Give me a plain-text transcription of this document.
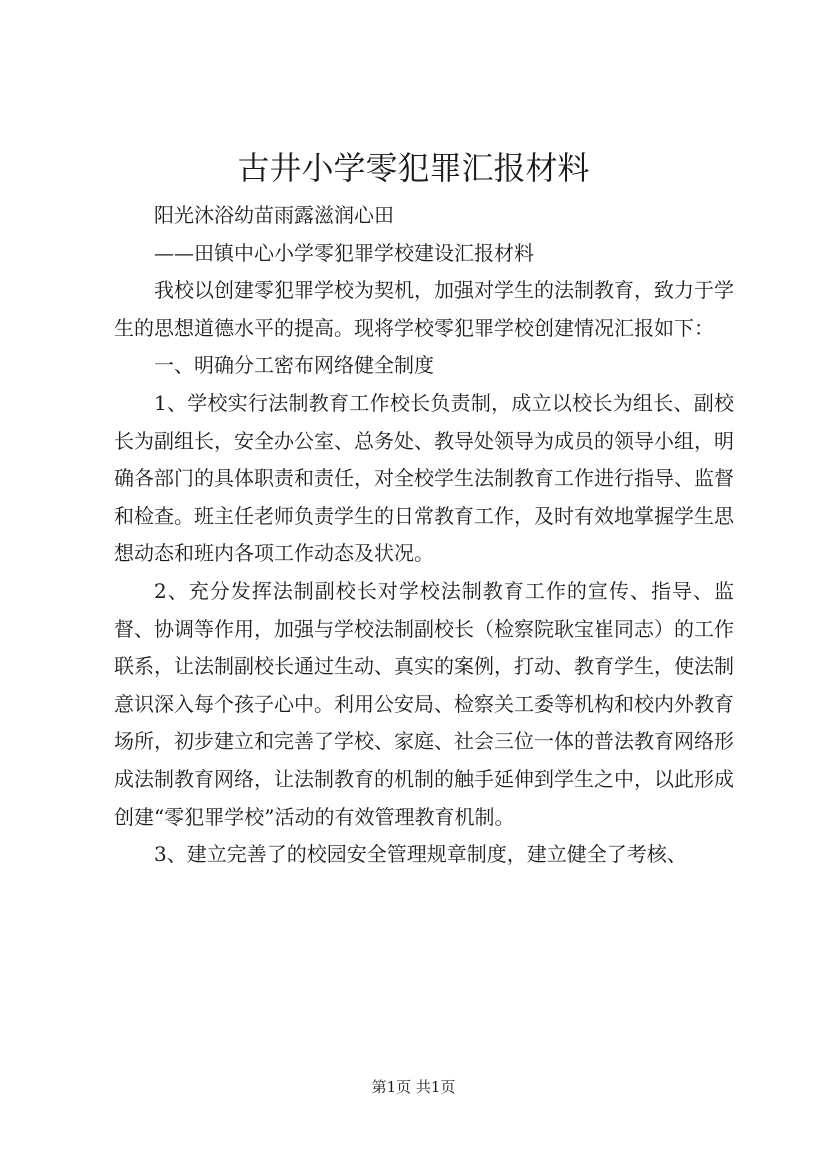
古井小学零犯罪汇报材料

阳光沐浴幼苗雨露滋润心田

——田镇中心小学零犯罪学校建设汇报材料

我校以创建零犯罪学校为契机，加强对学生的法制教育，致力于学生的思想道德水平的提高。现将学校零犯罪学校创建情况汇报如下：

一、明确分工密布网络健全制度

1、学校实行法制教育工作校长负责制，成立以校长为组长、副校长为副组长，安全办公室、总务处、教导处领导为成员的领导小组，明确各部门的具体职责和责任，对全校学生法制教育工作进行指导、监督和检查。班主任老师负责学生的日常教育工作，及时有效地掌握学生思想动态和班内各项工作动态及状况。

2、充分发挥法制副校长对学校法制教育工作的宣传、指导、监督、协调等作用，加强与学校法制副校长（检察院耿宝崔同志）的工作联系，让法制副校长通过生动、真实的案例，打动、教育学生，使法制意识深入每个孩子心中。利用公安局、检察关工委等机构和校内外教育场所，初步建立和完善了学校、家庭、社会三位一体的普法教育网络形成法制教育网络，让法制教育的机制的触手延伸到学生之中，以此形成创建“零犯罪学校”活动的有效管理教育机制。

3、建立完善了的校园安全管理规章制度，建立健全了考核、

第1页 共1页
